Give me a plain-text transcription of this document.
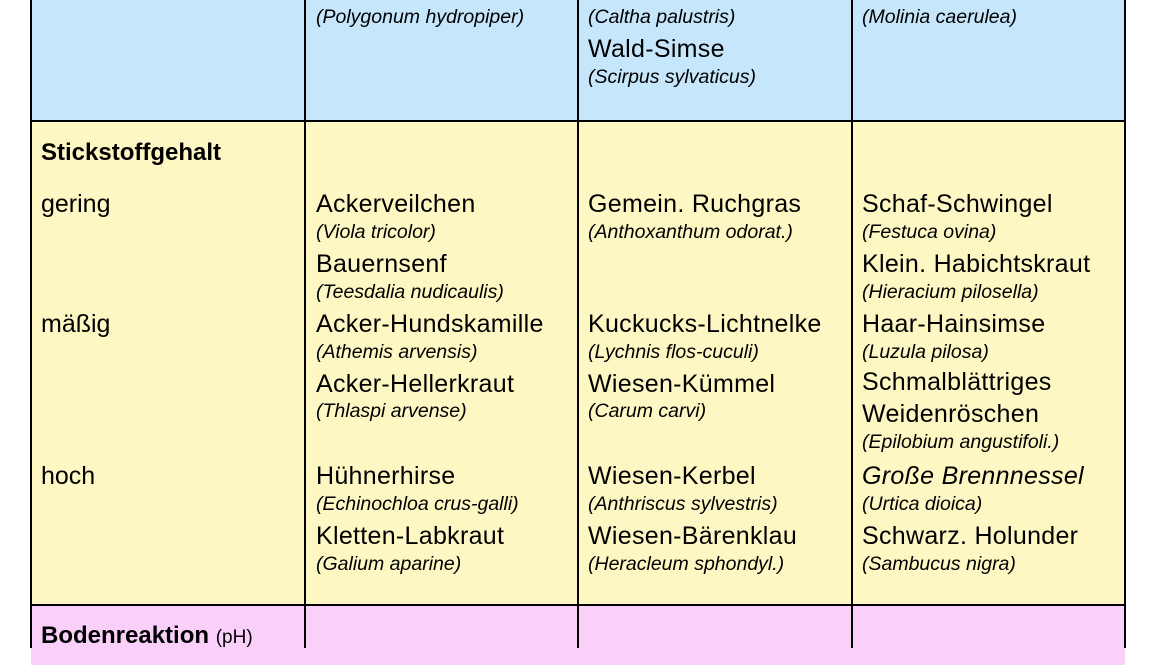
(Polygonum hydropiper)	(Caltha palustris)
Wald-Simse
(Scirpus sylvaticus)
(Molinia caerulea)
Stickstoffgehalt
gering
mäßig
hoch
Ackerveilchen
(Viola tricolor)
Bauernsenf
(Teesdalia nudicaulis)
Acker-Hundskamille
(Athemis arvensis)
Acker-Hellerkraut
(Thlaspi arvense)
Hühnerhirse
(Echinochloa crus-galli)
Kletten-Labkraut
(Galium aparine)
Gemein. Ruchgras
(Anthoxanthum odorat.)
Kuckucks-Lichtnelke
(Lychnis flos-cuculi)
Wiesen-Kümmel
(Carum carvi)
Wiesen-Kerbel
(Anthriscus sylvestris)
Wiesen-Bärenklau
(Heracleum sphondyl.)
Schaf-Schwingel
(Festuca ovina)
Klein. Habichtskraut
(Hieracium pilosella)
Haar-Hainsimse
(Luzula pilosa)
Schmalblättriges
Weidenröschen
(Epilobium angustifoli.)
Große Brennnessel
(Urtica dioica)
Schwarz. Holunder
(Sambucus nigra)
Bodenreaktion (pH)
